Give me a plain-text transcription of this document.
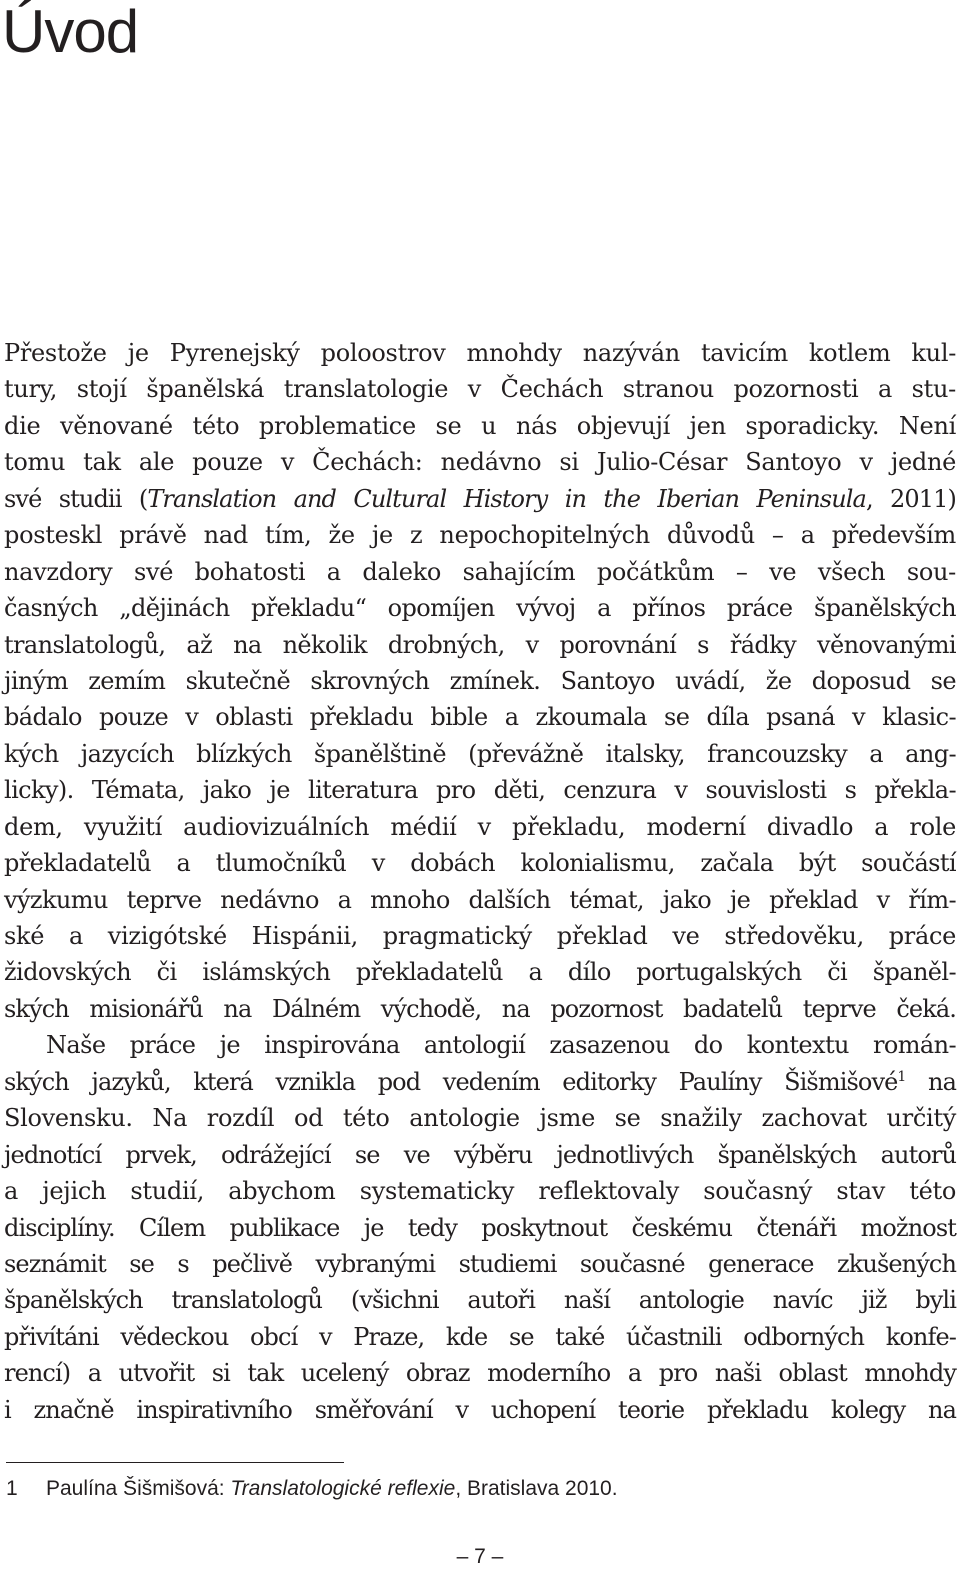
Úvod
Přestože je Pyrenejský poloostrov mnohdy nazýván tavicím kotlem kul-
tury, stojí španělská translatologie v Čechách stranou pozornosti a stu-
die věnované této problematice se u nás objevují jen sporadicky. Není
tomu tak ale pouze v Čechách: nedávno si Julio-César Santoyo v jedné
své studii (Translation and Cultural History in the Iberian Peninsula, 2011)
posteskl právě nad tím, že je z nepochopitelných důvodů – a především
navzdory své bohatosti a daleko sahajícím počátkům – ve všech sou-
časných „dějinách překladu“ opomíjen vývoj a přínos práce španělských
translatologů, až na několik drobných, v porovnání s řádky věnovanými
jiným zemím skutečně skrovných zmínek. Santoyo uvádí, že doposud se
bádalo pouze v oblasti překladu bible a zkoumala se díla psaná v klasic-
kých jazycích blízkých španělštině (převážně italsky, francouzsky a ang-
licky). Témata, jako je literatura pro děti, cenzura v souvislosti s překla-
dem, využití audiovizuálních médií v překladu, moderní divadlo a role
překladatelů a tlumočníků v dobách kolonialismu, začala být součástí
výzkumu teprve nedávno a mnoho dalších témat, jako je překlad v řím-
ské a vizigótské Hispánii, pragmatický překlad ve středověku, práce
židovských či islámských překladatelů a dílo portugalských či španěl-
ských misionářů na Dálném východě, na pozornost badatelů teprve čeká.
Naše práce je inspirována antologií zasazenou do kontextu román-
ských jazyků, která vznikla pod vedením editorky Paulíny Šišmišové$^1$ na
Slovensku. Na rozdíl od této antologie jsme se snažily zachovat určitý
jednotící prvek, odrážející se ve výběru jednotlivých španělských autorů
a jejich studií, abychom systematicky reflektovaly současný stav této
disciplíny. Cílem publikace je tedy poskytnout českému čtenáři možnost
seznámit se s pečlivě vybranými studiemi současné generace zkušených
španělských translatologů (všichni autoři naší antologie navíc již byli
přivítáni vědeckou obcí v Praze, kde se také účastnili odborných konfe-
rencí) a utvořit si tak ucelený obraz moderního a pro naši oblast mnohdy
i značně inspirativního směřování v uchopení teorie překladu kolegy na
1 Paulína Šišmišová: Translatologické reflexie, Bratislava 2010.
– 7 –
